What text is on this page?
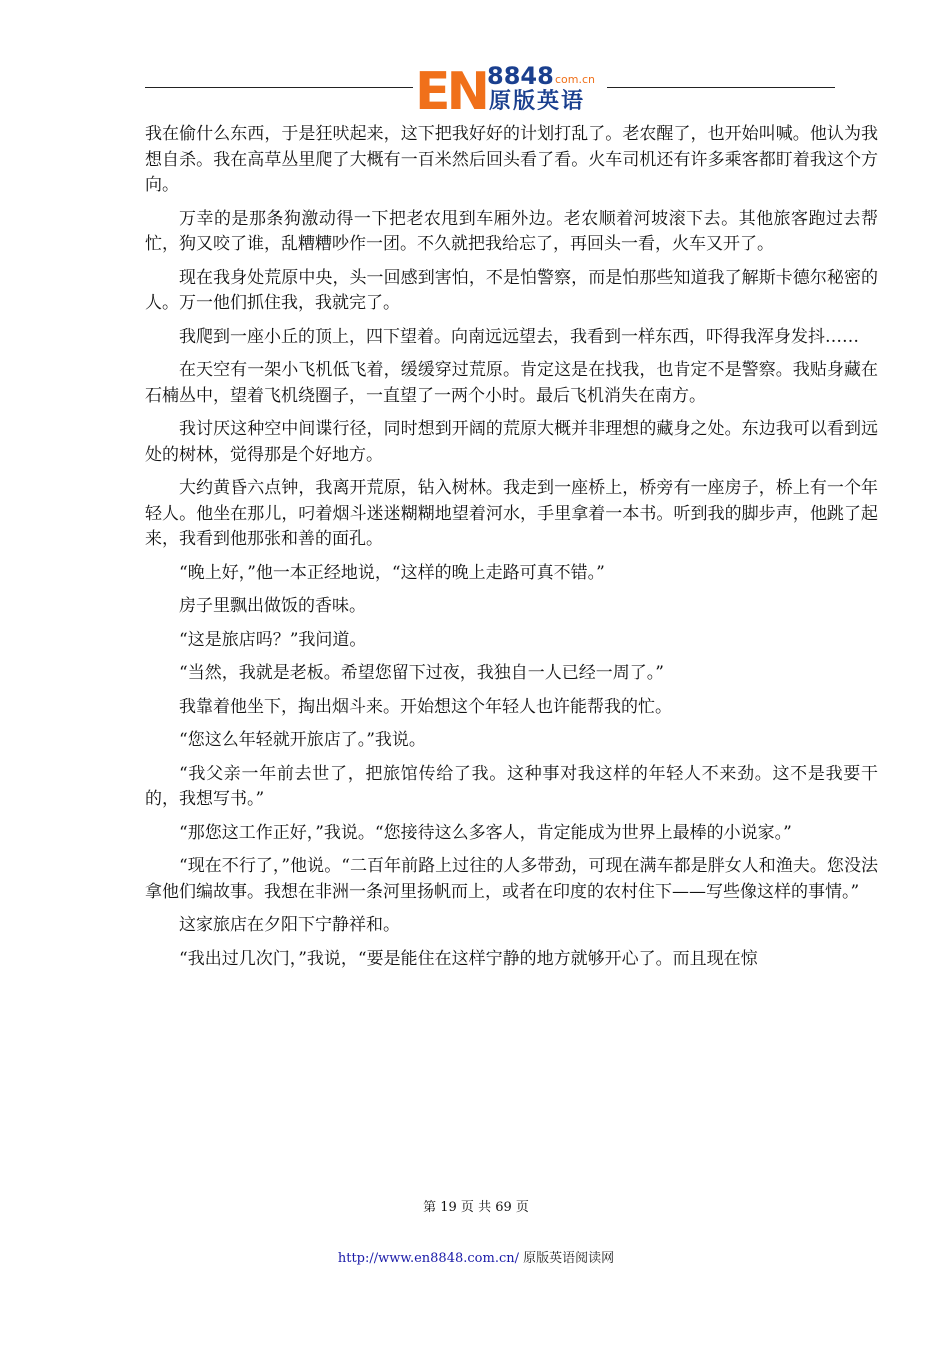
EN 8848 com.cn
原版英语

我在偷什么东西，于是狂吠起来，这下把我好好的计划打乱了。老农醒了，也开始叫喊。他认为我想自杀。我在高草丛里爬了大概有一百米然后回头看了看。火车司机还有许多乘客都盯着我这个方向。

万幸的是那条狗激动得一下把老农甩到车厢外边。老农顺着河坡滚下去。其他旅客跑过去帮忙，狗又咬了谁，乱糟糟吵作一团。不久就把我给忘了，再回头一看，火车又开了。

现在我身处荒原中央，头一回感到害怕，不是怕警察，而是怕那些知道我了解斯卡德尔秘密的人。万一他们抓住我，我就完了。

我爬到一座小丘的顶上，四下望着。向南远远望去，我看到一样东西，吓得我浑身发抖……

在天空有一架小飞机低飞着，缓缓穿过荒原。肯定这是在找我，也肯定不是警察。我贴身藏在石楠丛中，望着飞机绕圈子，一直望了一两个小时。最后飞机消失在南方。

我讨厌这种空中间谍行径，同时想到开阔的荒原大概并非理想的藏身之处。东边我可以看到远处的树林，觉得那是个好地方。

大约黄昏六点钟，我离开荒原，钻入树林。我走到一座桥上，桥旁有一座房子，桥上有一个年轻人。他坐在那儿，叼着烟斗迷迷糊糊地望着河水，手里拿着一本书。听到我的脚步声，他跳了起来，我看到他那张和善的面孔。

“晚上好，”他一本正经地说，“这样的晚上走路可真不错。”

房子里飘出做饭的香味。

“这是旅店吗？”我问道。

“当然，我就是老板。希望您留下过夜，我独自一人已经一周了。”

我靠着他坐下，掏出烟斗来。开始想这个年轻人也许能帮我的忙。

“您这么年轻就开旅店了。”我说。

“我父亲一年前去世了，把旅馆传给了我。这种事对我这样的年轻人不来劲。这不是我要干的，我想写书。”

“那您这工作正好，”我说。“您接待这么多客人，肯定能成为世界上最棒的小说家。”

“现在不行了，”他说。“二百年前路上过往的人多带劲，可现在满车都是胖女人和渔夫。您没法拿他们编故事。我想在非洲一条河里扬帆而上，或者在印度的农村住下——写些像这样的事情。”

这家旅店在夕阳下宁静祥和。

“我出过几次门，”我说，“要是能住在这样宁静的地方就够开心了。而且现在惊

第 19 页 共 69 页
http://www.en8848.com.cn/ 原版英语阅读网
